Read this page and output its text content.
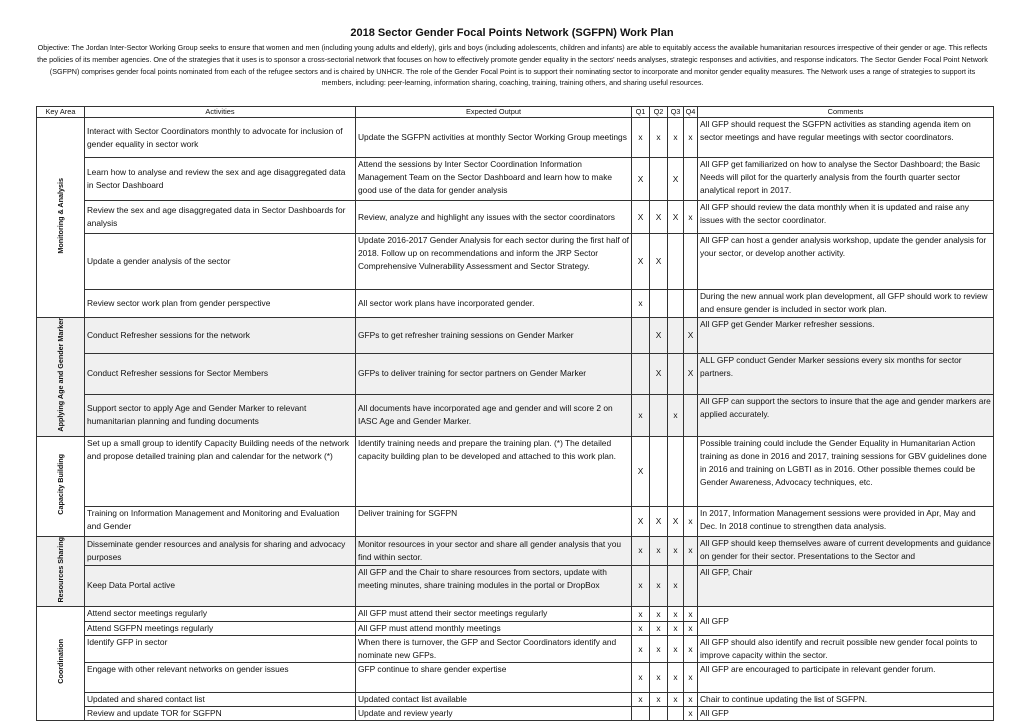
2018 Sector Gender Focal Points Network (SGFPN) Work Plan
Objective: The Jordan Inter-Sector Working Group seeks to ensure that women and men (including young adults and elderly), girls and boys (including adolescents, children and infants) are able to equitably access the available humanitarian resources irrespective of their gender or age. This reflects the policies of its member agencies. One of the strategies that it uses is to sponsor a cross-sectorial network that focuses on how to effectively promote gender equality in the sectors' needs analyses, strategic responses and activities, and response indicators. The Sector Gender Focal Point Network (SGFPN) comprises gender focal points nominated from each of the refugee sectors and is chaired by UNHCR. The role of the Gender Focal Point is to support their nominating sector to incorporate and monitor gender equality measures. The Network uses a range of strategies to support its members, including: peer-learning, information sharing, coaching, training, training others, and sharing useful resources.
Key Area	Activities	Expected Output	Q1	Q2	Q3	Q4	Comments
Monitoring & Analysis	Interact with Sector Coordinators monthly to advocate for inclusion of gender equality in sector work	Update the SGFPN activities at monthly Sector Working Group meetings	x	x	x	x	All GFP should request the SGFPN activities as standing agenda item on sector meetings and have regular meetings with sector coordinators.
	Learn how to analyse and review the sex and age disaggregated data in Sector Dashboard	Attend the sessions by Inter Sector Coordination Information Management Team on the Sector Dashboard and learn how to make good use of the data for gender analysis	X		X		All GFP get familiarized on how to analyse the Sector Dashboard; the Basic Needs will pilot for the quarterly analysis from the fourth quarter sector analytical report in 2017.
	Review the sex and age disaggregated data in Sector Dashboards for analysis	Review, analyze and highlight any issues with the sector coordinators	X	X	X	x	All GFP should review the data monthly when it is updated and raise any issues with the sector coordinator.
	Update a gender analysis of the sector	Update 2016-2017 Gender Analysis for each sector during the first half of 2018. Follow up on recommendations and inform the JRP Sector Comprehensive Vulnerability Assessment and Sector Strategy.	X	X			All GFP can host a gender analysis workshop, update the gender analysis for your sector, or develop another activity.
	Review sector work plan from gender perspective	All sector work plans have incorporated gender.	x				During the new annual work plan development, all GFP should work to review and ensure gender is included in sector work plan.
Applying Age and Gender Marker	Conduct Refresher sessions for the network	GFPs to get refresher training sessions on Gender Marker		X		X	All GFP get Gender Marker refresher sessions.
	Conduct Refresher sessions for Sector Members	GFPs to deliver training for sector partners on Gender Marker		X		X	ALL GFP conduct Gender Marker sessions every six months for sector partners.
	Support sector to apply Age and Gender Marker to relevant humanitarian planning and funding documents	All documents have incorporated age and gender and will score 2 on IASC Age and Gender Marker.	x		x		All GFP can support the sectors to insure that the age and gender markers are applied accurately.
Capacity Building	Set up a small group to identify Capacity Building needs of the network and propose detailed training plan and calendar for the network (*)	Identify training needs and prepare the training plan. (*) The detailed capacity building plan to be developed and attached to this work plan.	X				Possible training could include the Gender Equality in Humanitarian Action training as done in 2016 and 2017, training sessions for GBV guidelines done in 2016 and training on LGBTI as in 2016. Other possible themes could be Gender Awareness, Advocacy techniques, etc.
	Training on Information Management and Monitoring and Evaluation and Gender	Deliver training for SGFPN	X	X	X	x	In 2017, Information Management sessions were provided in Apr, May and Dec. In 2018 continue to strengthen data analysis.
Resources Sharing	Disseminate gender resources and analysis for sharing and advocacy purposes	Monitor resources in your sector and share all gender analysis that you find within sector.	x	x	x	x	All GFP should keep themselves aware of current developments and guidance on gender for their sector. Presentations to the Sector and
	Keep Data Portal active	All GFP and the Chair to share resources from sectors, update with meeting minutes, share training modules in the portal or DropBox	x	x	x		All GFP, Chair
Coordination	Attend sector meetings regularly	All GFP must attend their sector meetings regularly	x	x	x	x	All GFP
	Attend SGFPN meetings regularly	All GFP must attend monthly meetings	x	x	x	x	
	Identify GFP in sector	When there is turnover, the GFP and Sector Coordinators identify and nominate new GFPs.	x	x	x	x	All GFP should also identify and recruit possible new gender focal points to improve capacity within the sector.
	Engage with other relevant networks on gender issues	GFP continue to share gender expertise	x	x	x	x	All GFP are encouraged to participate in relevant gender forum.
	Updated and shared contact list	Updated contact list available	x	x	x	x	Chair to continue updating the list of SGFPN.
	Review and update TOR for SGFPN	Update and review yearly				x	All GFP
